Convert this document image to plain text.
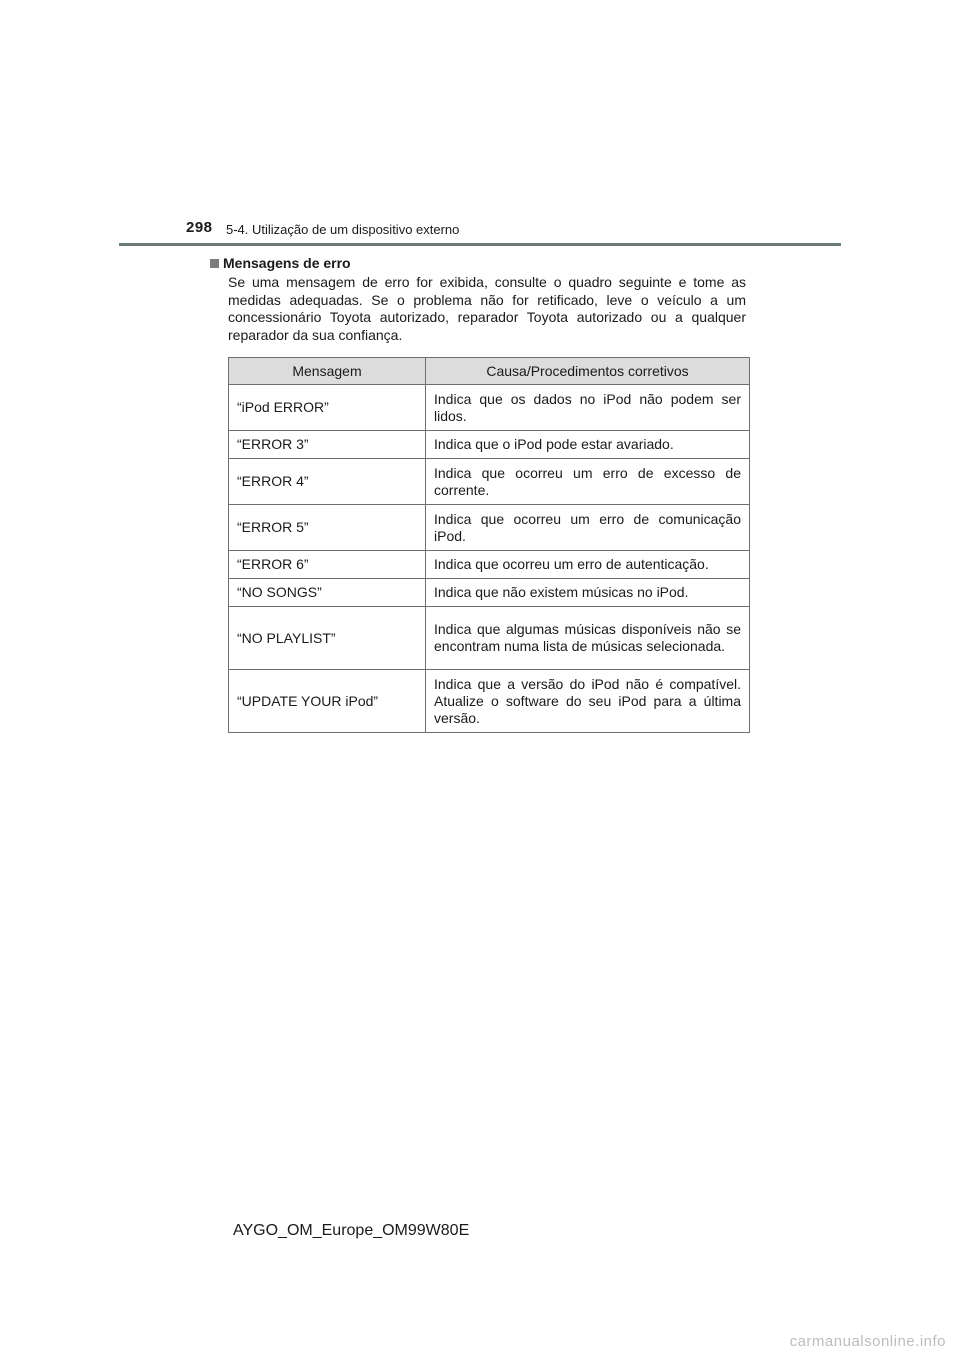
298 5-4. Utilização de um dispositivo externo
Mensagens de erro
Se uma mensagem de erro for exibida, consulte o quadro seguinte e tome as medidas adequadas. Se o problema não for retificado, leve o veículo a um concessionário Toyota autorizado, reparador Toyota autorizado ou a qualquer reparador da sua confiança.
Mensagem	Causa/Procedimentos corretivos
“iPod ERROR”	Indica que os dados no iPod não podem ser lidos.
“ERROR 3”	Indica que o iPod pode estar avariado.
“ERROR 4”	Indica que ocorreu um erro de excesso de corrente.
“ERROR 5”	Indica que ocorreu um erro de comunicação iPod.
“ERROR 6”	Indica que ocorreu um erro de autenticação.
“NO SONGS”	Indica que não existem músicas no iPod.
“NO PLAYLIST”	Indica que algumas músicas disponíveis não se encontram numa lista de músicas selecionada.
“UPDATE YOUR iPod”	Indica que a versão do iPod não é compatível. Atualize o software do seu iPod para a última versão.
AYGO_OM_Europe_OM99W80E
carmanualsonline.info
